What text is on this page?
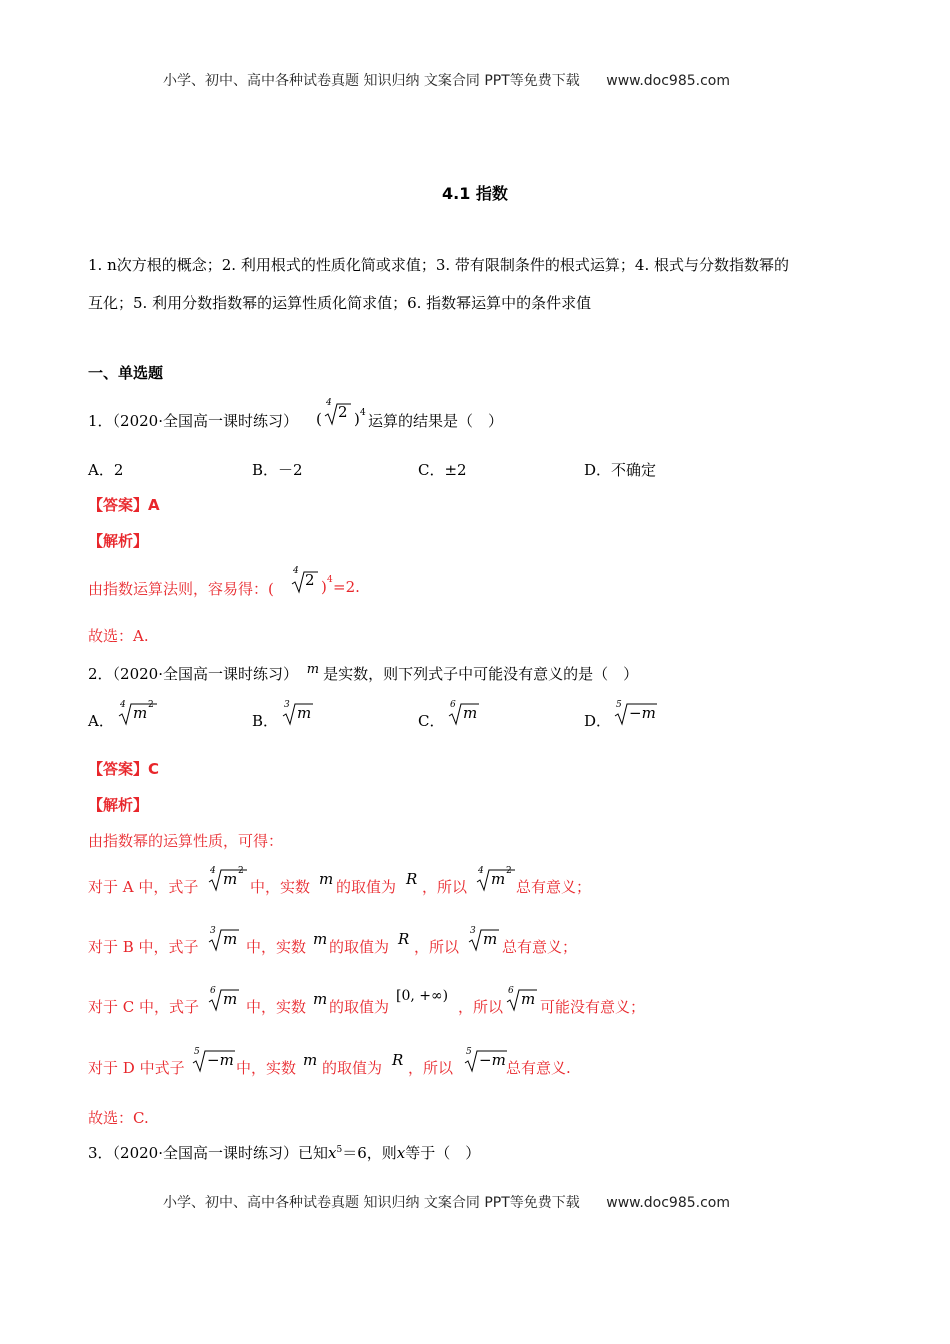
小学、初中、高中各种试卷真题 知识归纳 文案合同 PPT等免费下载 www.doc985.com
4.1 指数
1. n次方根的概念；2. 利用根式的性质化简或求值；3. 带有限制条件的根式运算；4. 根式与分数指数幂的
互化；5. 利用分数指数幂的运算性质化简求值；6. 指数幂运算中的条件求值
一、单选题
1．（2020·全国高一课时练习） (
4 2 ) 4 运算的结果是（　）
A．2	B．－2	C．±2	D．不确定
【答案】A
【解析】
由指数运算法则，容易得：(
4 2 ) 4 =2.
故选：A.
2．（2020·全国高一课时练习） m 是实数，则下列式子中可能没有意义的是（　）
A．
4 m 2
B．
3 m	C．
6 m	D．
5 −m
【答案】C
【解析】
由指数幂的运算性质，可得：
对于 A 中，式子
4 m 2
中，实数 m 的取值为 R ，所以
4 m 2
总有意义；
对于 B 中，式子
3 m 中，实数 m 的取值为 R ，所以
3 m 总有意义；
对于 C 中，式子
6 m 中，实数 m 的取值为
[0, +∞)
，所以
6 m 可能没有意义；
对于 D 中式子
5 −m 中，实数 m 的取值为 R ，所以
5 −m 总有意义.
故选：C.
3．（2020·全国高一课时练习）已知$x^5=6$，则x等于（　）
小学、初中、高中各种试卷真题 知识归纳 文案合同 PPT等免费下载 www.doc985.com
